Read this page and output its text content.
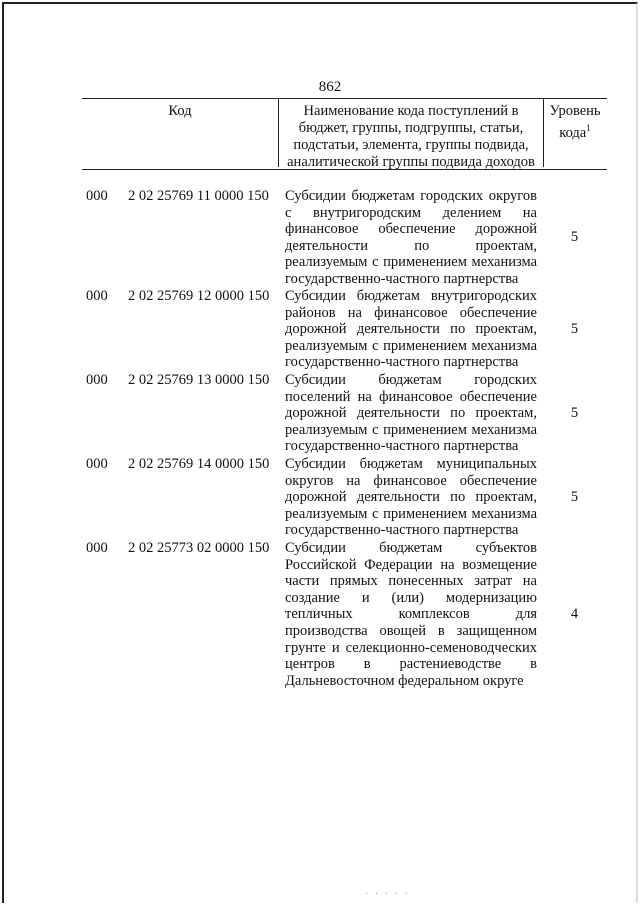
862
Код	Наименование кода поступлений в бюджет, группы, подгруппы, статьи, подстатьи, элемента, группы подвида, аналитической группы подвида доходов
Уровень кода$^1$
000 2 02 25769 11 0000 150 Субсидии бюджетам городских округов с внутригородским делением на финансовое обеспечение дорожной деятельности по проектам, реализуемым с применением механизма государственно-частного партнерства
5
000 2 02 25769 12 0000 150 Субсидии бюджетам внутригородских районов на финансовое обеспечение дорожной деятельности по проектам, реализуемым с применением механизма государственно-частного партнерства
5
000 2 02 25769 13 0000 150 Субсидии бюджетам городских поселений на финансовое обеспечение дорожной деятельности по проектам, реализуемым с применением механизма государственно-частного партнерства
5
000 2 02 25769 14 0000 150 Субсидии бюджетам муниципальных округов на финансовое обеспечение дорожной деятельности по проектам, реализуемым с применением механизма государственно-частного партнерства
5
000 2 02 25773 02 0000 150 Субсидии бюджетам субъектов Российской Федерации на возмещение части прямых понесенных затрат на создание и (или) модернизацию тепличных комплексов для производства овощей в защищенном грунте и селекционно-семеноводческих центров в растениеводстве в Дальневосточном федеральном округе
4
· · · · ·
